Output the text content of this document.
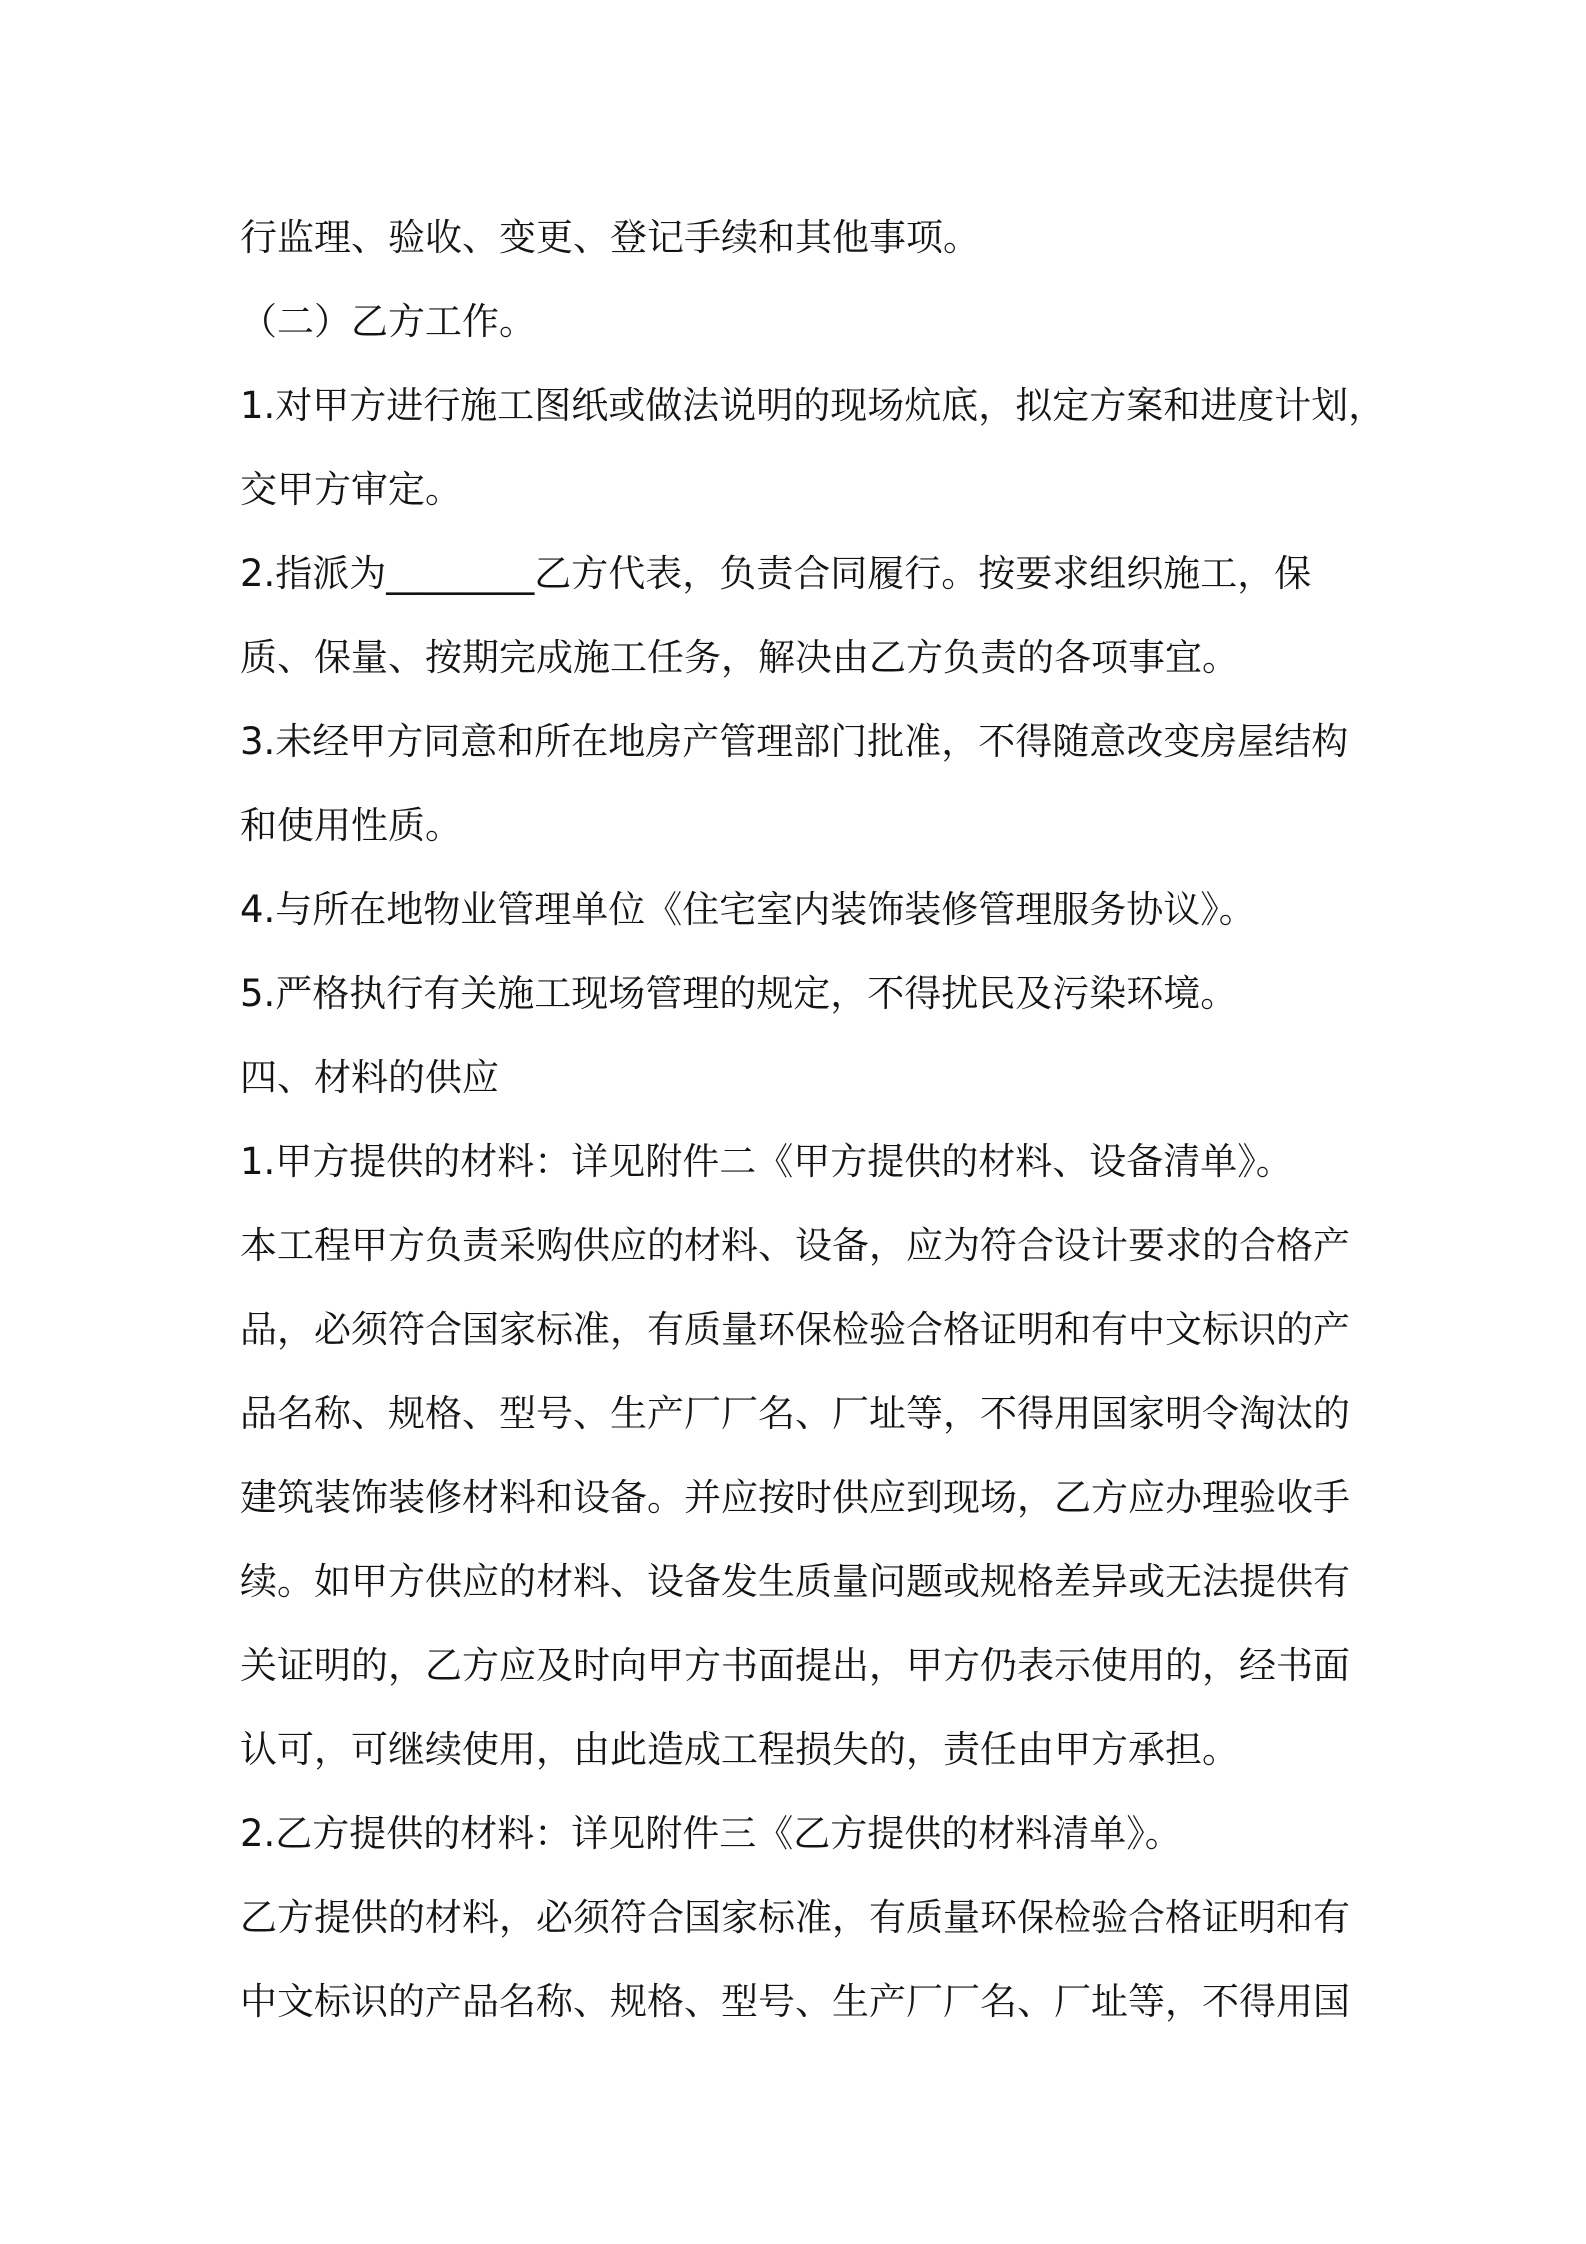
行监理、验收、变更、登记手续和其他事项。
（二）乙方工作。
1.对甲方进行施工图纸或做法说明的现场炕底，拟定方案和进度计划，
交甲方审定。
2.指派为________乙方代表，负责合同履行。按要求组织施工，保
质、保量、按期完成施工任务，解决由乙方负责的各项事宜。
3.未经甲方同意和所在地房产管理部门批准，不得随意改变房屋结构
和使用性质。
4.与所在地物业管理单位《住宅室内装饰装修管理服务协议》。
5.严格执行有关施工现场管理的规定，不得扰民及污染环境。
四、材料的供应
1.甲方提供的材料：详见附件二《甲方提供的材料、设备清单》。
本工程甲方负责采购供应的材料、设备，应为符合设计要求的合格产
品，必须符合国家标准，有质量环保检验合格证明和有中文标识的产
品名称、规格、型号、生产厂厂名、厂址等，不得用国家明令淘汰的
建筑装饰装修材料和设备。并应按时供应到现场，乙方应办理验收手
续。如甲方供应的材料、设备发生质量问题或规格差异或无法提供有
关证明的，乙方应及时向甲方书面提出，甲方仍表示使用的，经书面
认可，可继续使用，由此造成工程损失的，责任由甲方承担。
2.乙方提供的材料：详见附件三《乙方提供的材料清单》。
乙方提供的材料，必须符合国家标准，有质量环保检验合格证明和有
中文标识的产品名称、规格、型号、生产厂厂名、厂址等，不得用国
